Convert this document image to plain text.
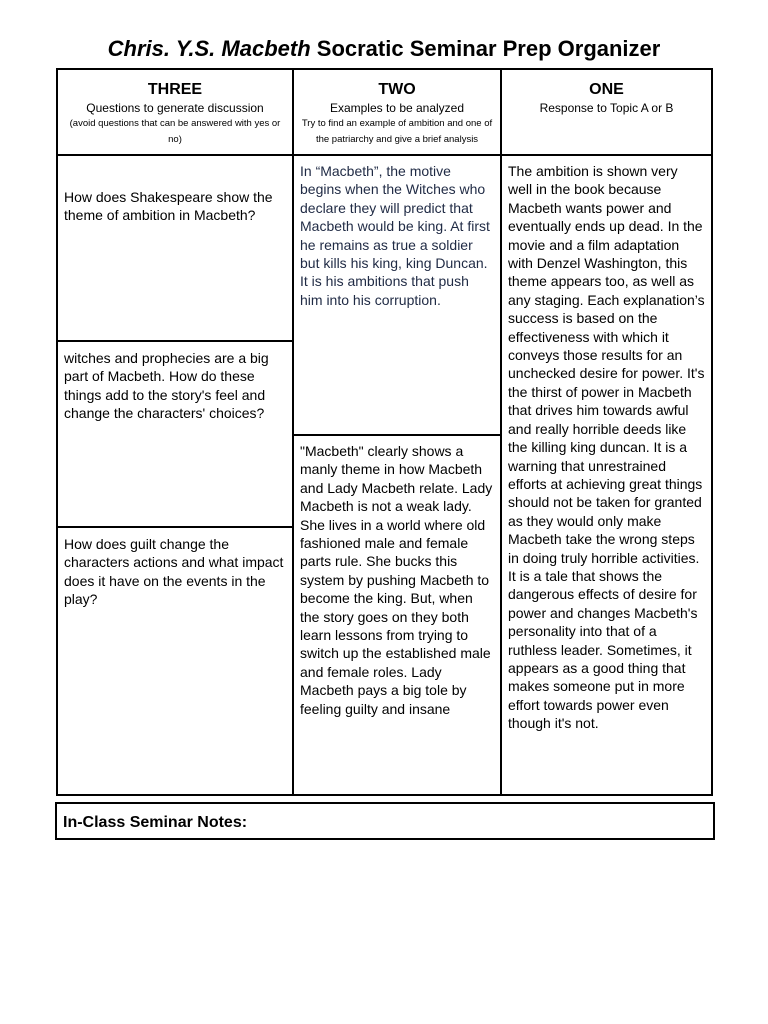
Chris. Y.S. Macbeth Socratic Seminar Prep Organizer
THREE
Questions to generate discussion
(avoid questions that can be answered with yes or no)
How does Shakespeare show the theme of ambition in Macbeth?
witches and prophecies are a big part of Macbeth. How do these things add to the story's feel and change the characters' choices?
How does guilt change the characters actions and what impact does it have on the events in the play?
TWO
Examples to be analyzed
Try to find an example of ambition and one of the patriarchy and give a brief analysis
In “Macbeth”, the motive begins when the Witches who declare they will predict that Macbeth would be king. At first he remains as true a soldier but kills his king, king Duncan. It is his ambitions that push him into his corruption.
"Macbeth" clearly shows a manly theme in how Macbeth and Lady Macbeth relate. Lady Macbeth is not a weak lady. She lives in a world where old fashioned male and female parts rule. She bucks this system by pushing Macbeth to become the king. But, when the story goes on they both learn lessons from trying to switch up the established male and female roles. Lady Macbeth pays a big tole by feeling guilty and insane
ONE
Response to Topic A or B
The ambition is shown very well in the book because Macbeth wants power and eventually ends up dead. In the movie and a film adaptation with Denzel Washington, this theme appears too, as well as any staging. Each explanation’s success is based on the effectiveness with which it conveys those results for an unchecked desire for power. It's the thirst of power in Macbeth that drives him towards awful and really horrible deeds like the killing king duncan. It is a warning that unrestrained efforts at achieving great things should not be taken for granted as they would only make Macbeth take the wrong steps in doing truly horrible activities. It is a tale that shows the dangerous effects of desire for power and changes Macbeth's personality into that of a ruthless leader. Sometimes, it appears as a good thing that makes someone put in more effort towards power even though it's not.
In-Class Seminar Notes:
